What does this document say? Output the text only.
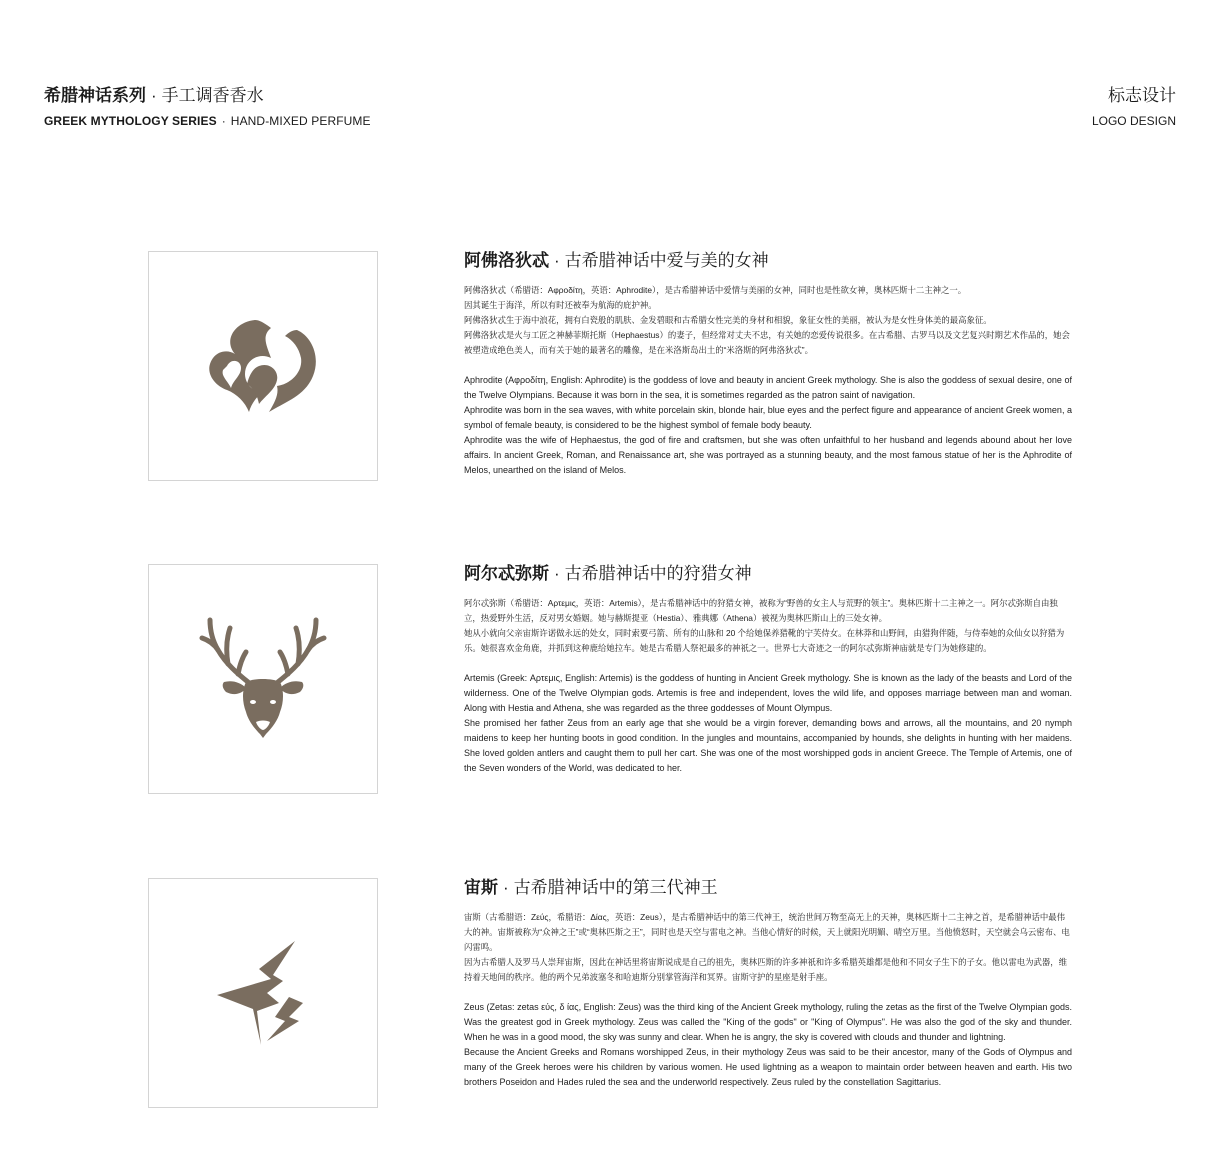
希腊神话系列 · 手工调香香水
GREEK MYTHOLOGY SERIES · HAND-MIXED PERFUME
标志设计
LOGO DESIGN
阿佛洛狄忒 · 古希腊神话中爱与美的女神

阿佛洛狄忒（希腊语：Αφροδίτη，英语：Aphrodite），是古希腊神话中爱情与美丽的女神，同时也是性欲女神，奥林匹斯十二主神之一。

因其诞生于海洋，所以有时还被奉为航海的庇护神。

阿佛洛狄忒生于海中浪花，拥有白瓷般的肌肤、金发碧眼和古希腊女性完美的身材和相貌，象征女性的美丽，被认为是女性身体美的最高象征。

阿佛洛狄忒是火与工匠之神赫菲斯托斯（Hephaestus）的妻子，但经常对丈夫不忠，有关她的恋爱传说很多。在古希腊、古罗马以及文艺复兴时期艺术作品的，她会被塑造成绝色美人，而有关于她的最著名的雕像，是在米洛斯岛出土的“米洛斯的阿弗洛狄忒”。

Aphrodite (Αφροδίτη, English: Aphrodite) is the goddess of love and beauty in ancient Greek mythology. She is also the goddess of sexual desire, one of the Twelve Olympians. Because it was born in the sea, it is sometimes regarded as the patron saint of navigation.

Aphrodite was born in the sea waves, with white porcelain skin, blonde hair, blue eyes and the perfect figure and appearance of ancient Greek women, a symbol of female beauty, is considered to be the highest symbol of female body beauty.

Aphrodite was the wife of Hephaestus, the god of fire and craftsmen, but she was often unfaithful to her husband and legends abound about her love affairs. In ancient Greek, Roman, and Renaissance art, she was portrayed as a stunning beauty, and the most famous statue of her is the Aphrodite of Melos, unearthed on the island of Melos.

阿尔忒弥斯 · 古希腊神话中的狩猎女神

阿尔忒弥斯（希腊语：Αρτεμις，英语：Artemis），是古希腊神话中的狩猎女神，被称为“野兽的女主人与荒野的领主”。奥林匹斯十二主神之一。阿尔忒弥斯自由独立，热爱野外生活，反对男女婚姻。她与赫斯提亚（Hestia）、雅典娜（Athena）被视为奥林匹斯山上的三处女神。

她从小就向父亲宙斯许诺做永远的处女，同时索要弓箭、所有的山脉和 20 个给她保养猎靴的宁芙侍女。在林莽和山野间，由猎狗伴随，与侍奉她的众仙女以狩猎为乐。她很喜欢金角鹿，并抓到这种鹿给她拉车。她是古希腊人祭祀最多的神祇之一。世界七大奇迹之一的阿尔忒弥斯神庙就是专门为她修建的。

Artemis (Greek: Αρτεμις, English: Artemis) is the goddess of hunting in Ancient Greek mythology. She is known as the lady of the beasts and Lord of the wilderness. One of the Twelve Olympian gods. Artemis is free and independent, loves the wild life, and opposes marriage between man and woman. Along with Hestia and Athena, she was regarded as the three goddesses of Mount Olympus.

She promised her father Zeus from an early age that she would be a virgin forever, demanding bows and arrows, all the mountains, and 20 nymph maidens to keep her hunting boots in good condition. In the jungles and mountains, accompanied by hounds, she delights in hunting with her maidens. She loved golden antlers and caught them to pull her cart. She was one of the most worshipped gods in ancient Greece. The Temple of Artemis, one of the Seven wonders of the World, was dedicated to her.

宙斯 · 古希腊神话中的第三代神王

宙斯（古希腊语：Ζεύς，希腊语：Δίας，英语：Zeus），是古希腊神话中的第三代神王，统治世间万物至高无上的天神，奥林匹斯十二主神之首，是希腊神话中最伟大的神。宙斯被称为“众神之王”或“奥林匹斯之王”，同时也是天空与雷电之神。当他心情好的时候，天上就阳光明媚、晴空万里。当他愤怒时，天空就会乌云密布、电闪雷鸣。

因为古希腊人及罗马人崇拜宙斯，因此在神话里将宙斯说成是自己的祖先，奥林匹斯的许多神祇和许多希腊英雄都是他和不同女子生下的子女。他以雷电为武器，维持着天地间的秩序。他的两个兄弟波塞冬和哈迪斯分别掌管海洋和冥界。宙斯守护的星座是射手座。

Zeus (Zetas: zetas εύς, δ ίας, English: Zeus) was the third king of the Ancient Greek mythology, ruling the zetas as the first of the Twelve Olympian gods. Was the greatest god in Greek mythology. Zeus was called the "King of the gods" or "King of Olympus". He was also the god of the sky and thunder. When he was in a good mood, the sky was sunny and clear. When he is angry, the sky is covered with clouds and thunder and lightning.

Because the Ancient Greeks and Romans worshipped Zeus, in their mythology Zeus was said to be their ancestor, many of the Gods of Olympus and many of the Greek heroes were his children by various women. He used lightning as a weapon to maintain order between heaven and earth. His two brothers Poseidon and Hades ruled the sea and the underworld respectively. Zeus ruled by the constellation Sagittarius.
